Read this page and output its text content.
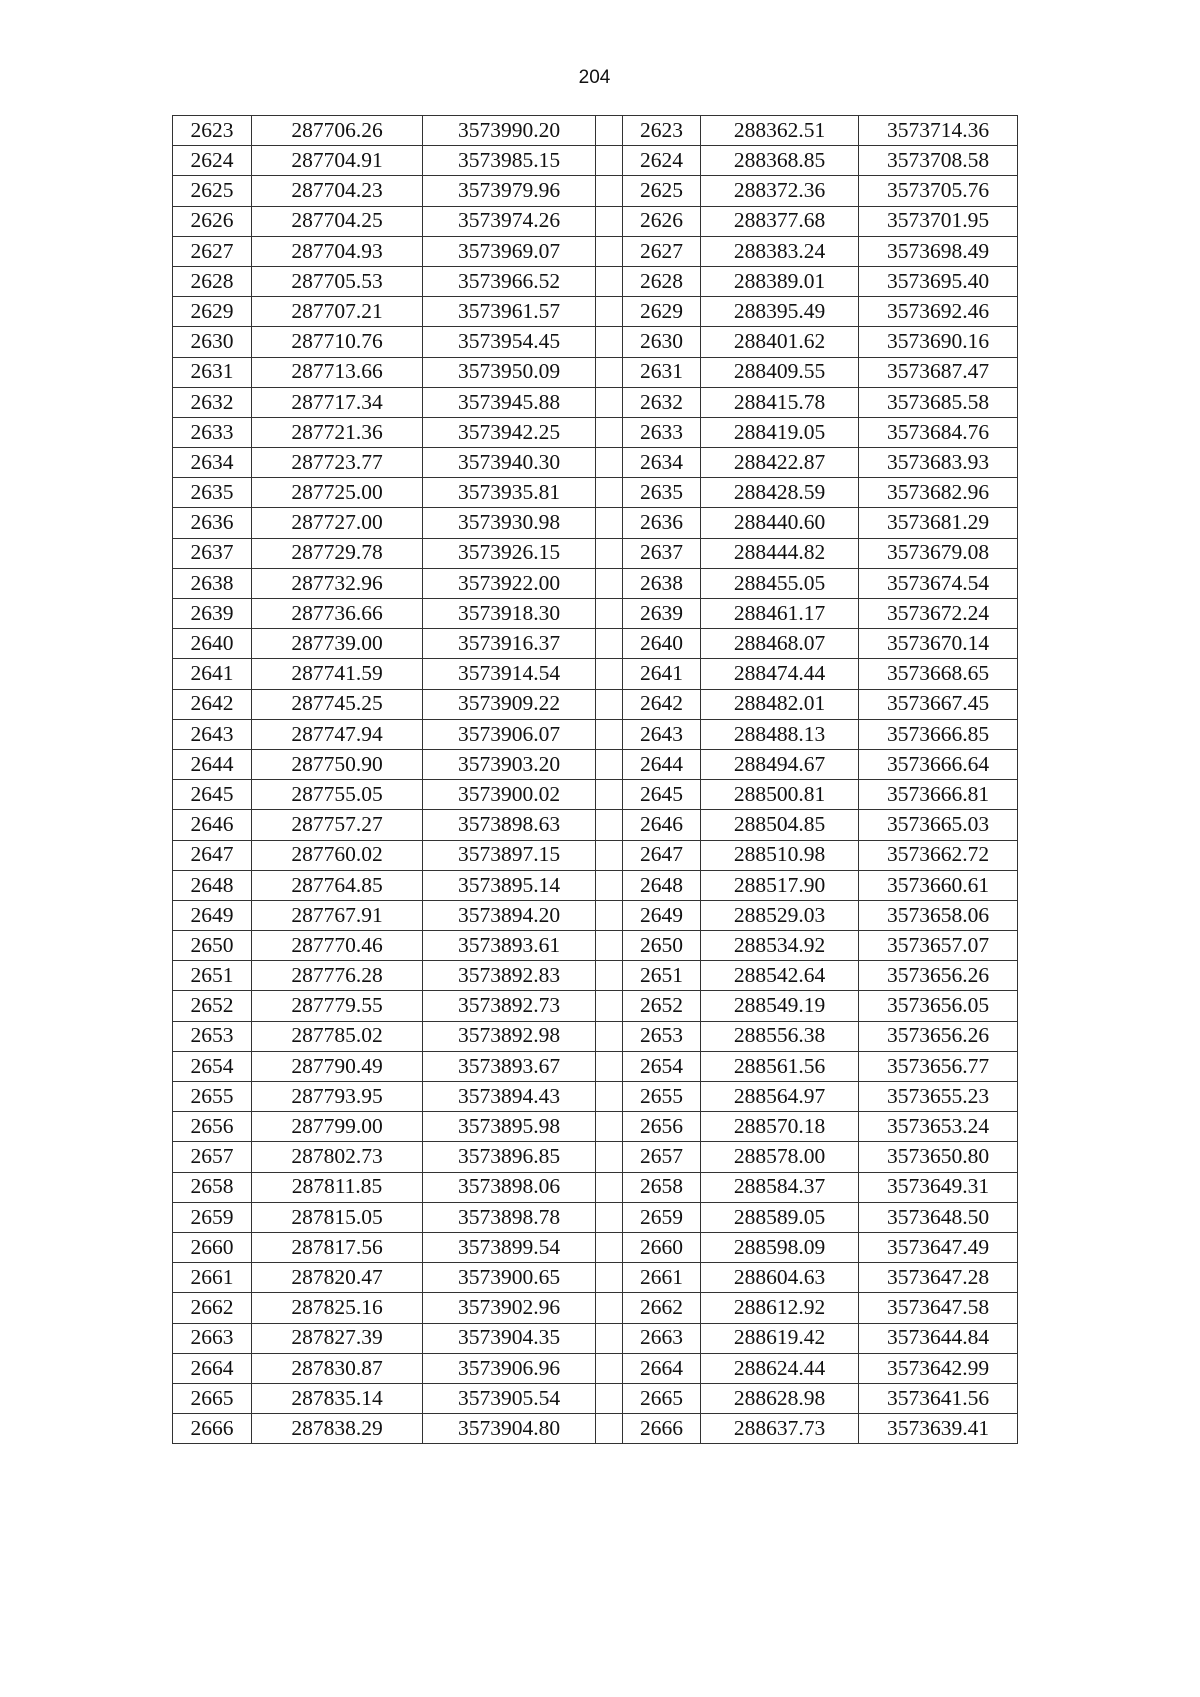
204
2623	287706.26	3573990.20		2623	288362.51	3573714.36
2624	287704.91	3573985.15		2624	288368.85	3573708.58
2625	287704.23	3573979.96		2625	288372.36	3573705.76
2626	287704.25	3573974.26		2626	288377.68	3573701.95
2627	287704.93	3573969.07		2627	288383.24	3573698.49
2628	287705.53	3573966.52		2628	288389.01	3573695.40
2629	287707.21	3573961.57		2629	288395.49	3573692.46
2630	287710.76	3573954.45		2630	288401.62	3573690.16
2631	287713.66	3573950.09		2631	288409.55	3573687.47
2632	287717.34	3573945.88		2632	288415.78	3573685.58
2633	287721.36	3573942.25		2633	288419.05	3573684.76
2634	287723.77	3573940.30		2634	288422.87	3573683.93
2635	287725.00	3573935.81		2635	288428.59	3573682.96
2636	287727.00	3573930.98		2636	288440.60	3573681.29
2637	287729.78	3573926.15		2637	288444.82	3573679.08
2638	287732.96	3573922.00		2638	288455.05	3573674.54
2639	287736.66	3573918.30		2639	288461.17	3573672.24
2640	287739.00	3573916.37		2640	288468.07	3573670.14
2641	287741.59	3573914.54		2641	288474.44	3573668.65
2642	287745.25	3573909.22		2642	288482.01	3573667.45
2643	287747.94	3573906.07		2643	288488.13	3573666.85
2644	287750.90	3573903.20		2644	288494.67	3573666.64
2645	287755.05	3573900.02		2645	288500.81	3573666.81
2646	287757.27	3573898.63		2646	288504.85	3573665.03
2647	287760.02	3573897.15		2647	288510.98	3573662.72
2648	287764.85	3573895.14		2648	288517.90	3573660.61
2649	287767.91	3573894.20		2649	288529.03	3573658.06
2650	287770.46	3573893.61		2650	288534.92	3573657.07
2651	287776.28	3573892.83		2651	288542.64	3573656.26
2652	287779.55	3573892.73		2652	288549.19	3573656.05
2653	287785.02	3573892.98		2653	288556.38	3573656.26
2654	287790.49	3573893.67		2654	288561.56	3573656.77
2655	287793.95	3573894.43		2655	288564.97	3573655.23
2656	287799.00	3573895.98		2656	288570.18	3573653.24
2657	287802.73	3573896.85		2657	288578.00	3573650.80
2658	287811.85	3573898.06		2658	288584.37	3573649.31
2659	287815.05	3573898.78		2659	288589.05	3573648.50
2660	287817.56	3573899.54		2660	288598.09	3573647.49
2661	287820.47	3573900.65		2661	288604.63	3573647.28
2662	287825.16	3573902.96		2662	288612.92	3573647.58
2663	287827.39	3573904.35		2663	288619.42	3573644.84
2664	287830.87	3573906.96		2664	288624.44	3573642.99
2665	287835.14	3573905.54		2665	288628.98	3573641.56
2666	287838.29	3573904.80		2666	288637.73	3573639.41
